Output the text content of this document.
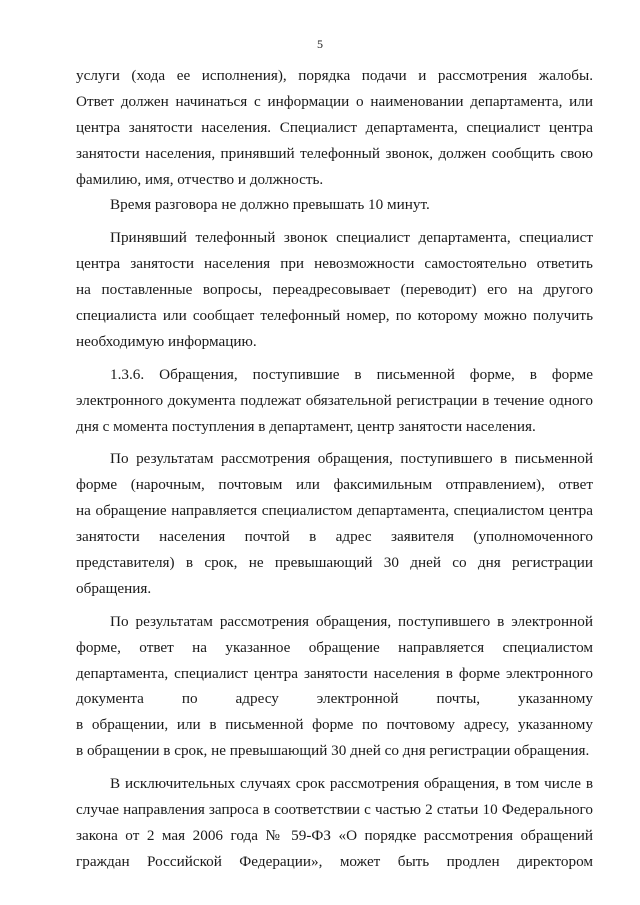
5
услуги (хода ее исполнения), порядка подачи и рассмотрения жалобы.
Ответ должен начинаться с информации о наименовании департамента, или
центра занятости населения. Специалист департамента, специалист центра
занятости населения, принявший телефонный звонок, должен сообщить свою
фамилию, имя, отчество и должность.
Время разговора не должно превышать 10 минут.
Принявший телефонный звонок специалист департамента, специалист
центра занятости населения при невозможности самостоятельно ответить
на поставленные вопросы, переадресовывает (переводит) его на другого
специалиста или сообщает телефонный номер, по которому можно получить
необходимую информацию.
1.3.6. Обращения, поступившие в письменной форме, в форме
электронного документа подлежат обязательной регистрации в течение одного
дня с момента поступления в департамент, центр занятости населения.
По результатам рассмотрения обращения, поступившего в письменной
форме (нарочным, почтовым или факсимильным отправлением), ответ
на обращение направляется специалистом департамента, специалистом центра
занятости населения почтой в адрес заявителя (уполномоченного
представителя) в срок, не превышающий 30 дней со дня регистрации
обращения.
По результатам рассмотрения обращения, поступившего в электронной
форме, ответ на указанное обращение направляется специалистом
департамента, специалист центра занятости населения в форме электронного
документа по адресу электронной почты, указанному
в обращении, или в письменной форме по почтовому адресу, указанному
в обращении в срок, не превышающий 30 дней со дня регистрации обращения.
В исключительных случаях срок рассмотрения обращения, в том числе в
случае направления запроса в соответствии с частью 2 статьи 10 Федерального
закона от 2 мая 2006 года № 59-ФЗ «О порядке рассмотрения обращений
граждан Российской Федерации», может быть продлен директором
